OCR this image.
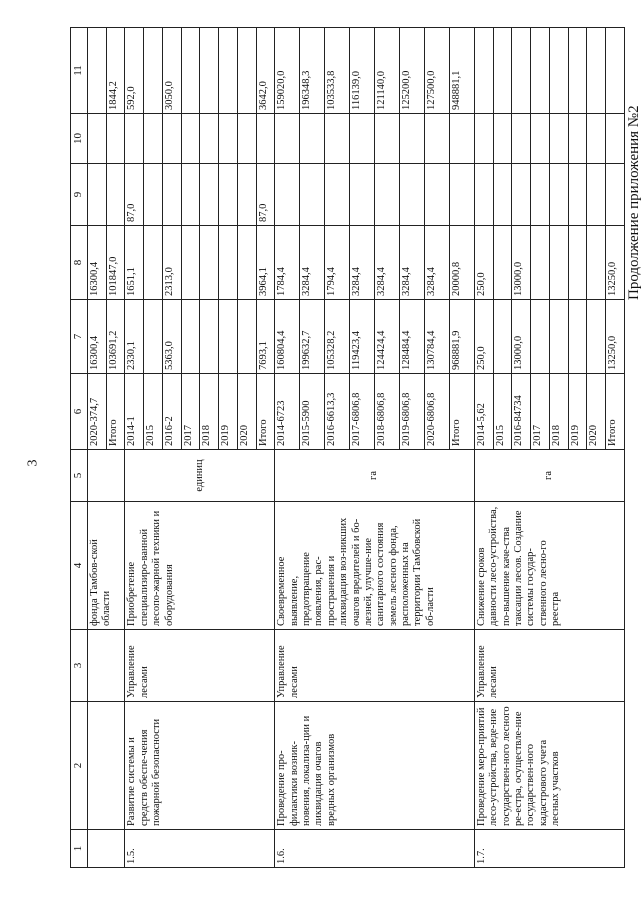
3
Продолжение приложения №2
1	2	3	4	5	6	7	8	9	10	11
			фонда Тамбов-ской области		2020-374,7	16300,4	16300,4			
					Итого	103691,2	101847,0			1844,2
1.5.	Развитие системы и средств обеспе-чения пожарной безопасности	Управление лесами	Приобретение специализиро-ванной лесопо-жарной техники и оборудования	единиц	2014-1	2330,1	1651,1	87,0		592,0
					2015					
					2016-2	5363,0	2313,0			3050,0
					2017					
					2018					
					2019					
					2020					
					Итого	7693,1	3964,1	87,0		3642,0
1.6.	Проведение про-филактики возник-новения, локализа-ции и ликвидация очагов вредных организмов	Управление лесами	Своевременное выявление, предотвращение появления, рас-пространения и ликвидация воз-никших очагов вредителей и бо-лезней, улучше-ние санитарного состояния земель лесного фонда, расположенных на территории Тамбовской об-ласти	га	2014-6723	160804,4	1784,4			159020,0
					2015-5900	199632,7	3284,4			196348,3
					2016-6613,3	105328,2	1794,4			103533,8
					2017-6806,8	119423,4	3284,4			116139,0
					2018-6806,8	124424,4	3284,4			121140,0
					2019-6806,8	128484,4	3284,4			125200,0
					2020-6806,8	130784,4	3284,4			127500,0
					Итого	968881,9	20000,8			948881,1
1.7.	Проведение меро-приятий лесо-устройства, веде-ние государствен-ного лесного ре-естра, осуществле-ние государствен-ного кадастрового учета лесных участков	Управление лесами	Снижение сроков давности лесо-устройства, по-вышение каче-ства таксации лесов. Создание системы государ-ственного лесно-го реестра	га	2014-5,62	250,0	250,0			
					2015					
					2016-84734	13000,0	13000,0			
					2017					
					2018					
					2019					
					2020					
					Итого	13250,0	13250,0			
